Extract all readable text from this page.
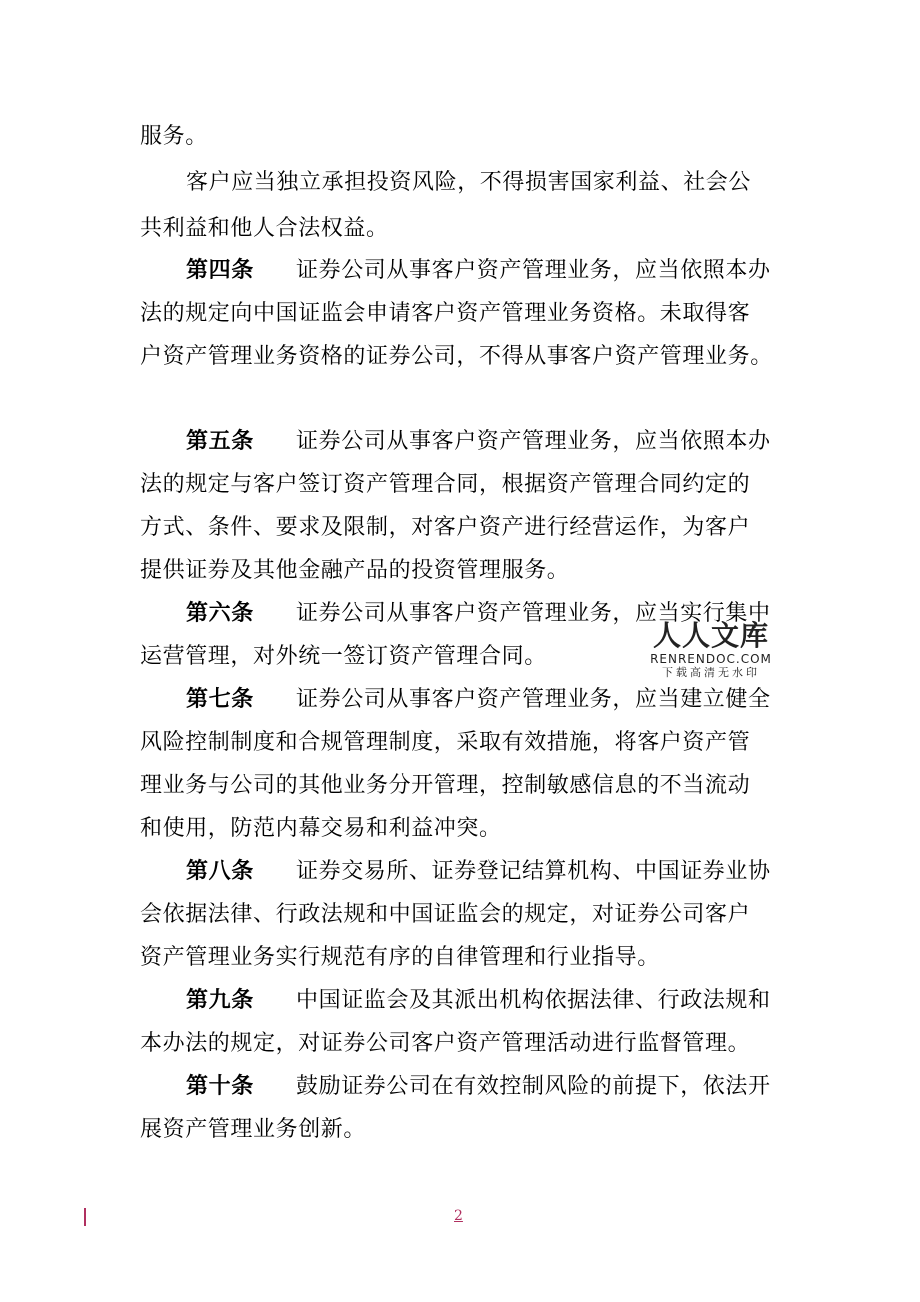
服务。
客户应当独立承担投资风险，不得损害国家利益、社会公
共利益和他人合法权益。
第四条 证券公司从事客户资产管理业务，应当依照本办
法的规定向中国证监会申请客户资产管理业务资格。未取得客
户资产管理业务资格的证券公司，不得从事客户资产管理业务。
第五条 证券公司从事客户资产管理业务，应当依照本办
法的规定与客户签订资产管理合同，根据资产管理合同约定的
方式、条件、要求及限制，对客户资产进行经营运作，为客户
提供证券及其他金融产品的投资管理服务。
第六条 证券公司从事客户资产管理业务，应当实行集中
运营管理，对外统一签订资产管理合同。
第七条 证券公司从事客户资产管理业务，应当建立健全
风险控制制度和合规管理制度，采取有效措施，将客户资产管
理业务与公司的其他业务分开管理，控制敏感信息的不当流动
和使用，防范内幕交易和利益冲突。
第八条 证券交易所、证券登记结算机构、中国证券业协
会依据法律、行政法规和中国证监会的规定，对证券公司客户
资产管理业务实行规范有序的自律管理和行业指导。
第九条 中国证监会及其派出机构依据法律、行政法规和
本办法的规定，对证券公司客户资产管理活动进行监督管理。
第十条 鼓励证券公司在有效控制风险的前提下，依法开
展资产管理业务创新。
人人文库
RENRENDOC.COM
下载高清无水印
2
